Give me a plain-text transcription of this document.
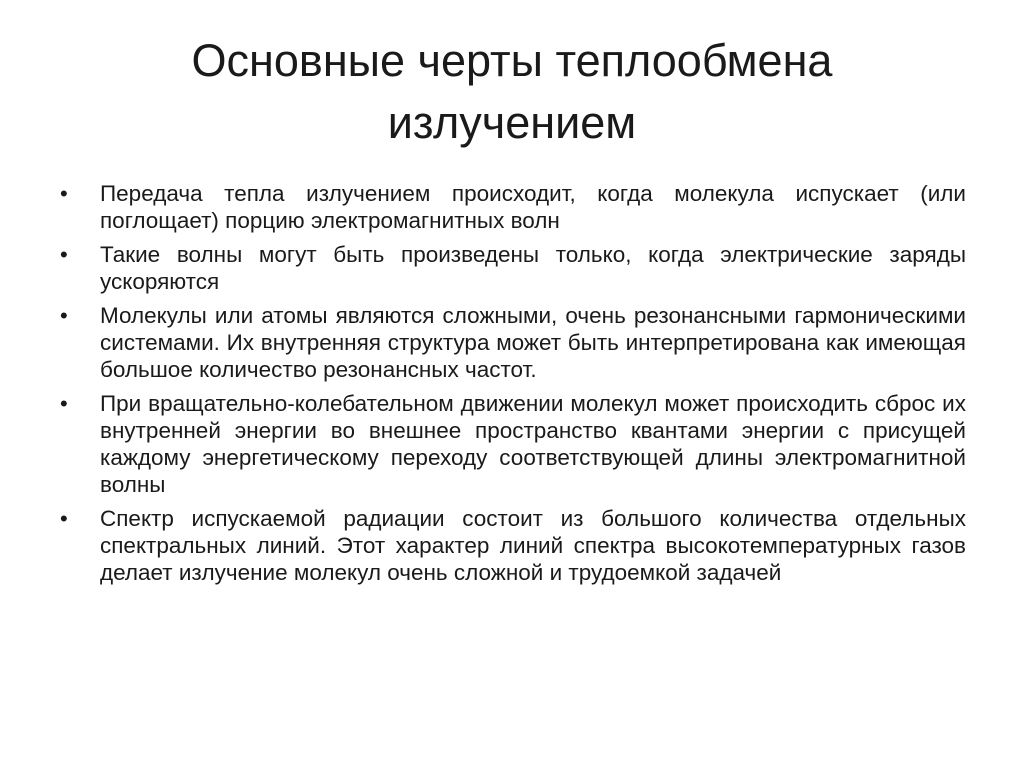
Основные черты теплообмена излучением
•	Передача тепла излучением происходит, когда молекула испускает (или поглощает) порцию электромагнитных волн
•	Такие волны могут быть произведены только, когда электрические заряды ускоряются
•	Молекулы или атомы являются сложными, очень резонансными гармоническими системами. Их внутренняя структура может быть интерпретирована как имеющая большое количество резонансных частот.
•	При вращательно-колебательном движении молекул может происходить сброс их внутренней энергии во внешнее пространство квантами энергии с присущей каждому энергетическому переходу соответствующей длины электромагнитной волны
•	Спектр испускаемой радиации состоит из большого количества отдельных спектральных линий. Этот характер линий спектра высокотемпературных газов делает излучение молекул очень сложной и трудоемкой задачей
